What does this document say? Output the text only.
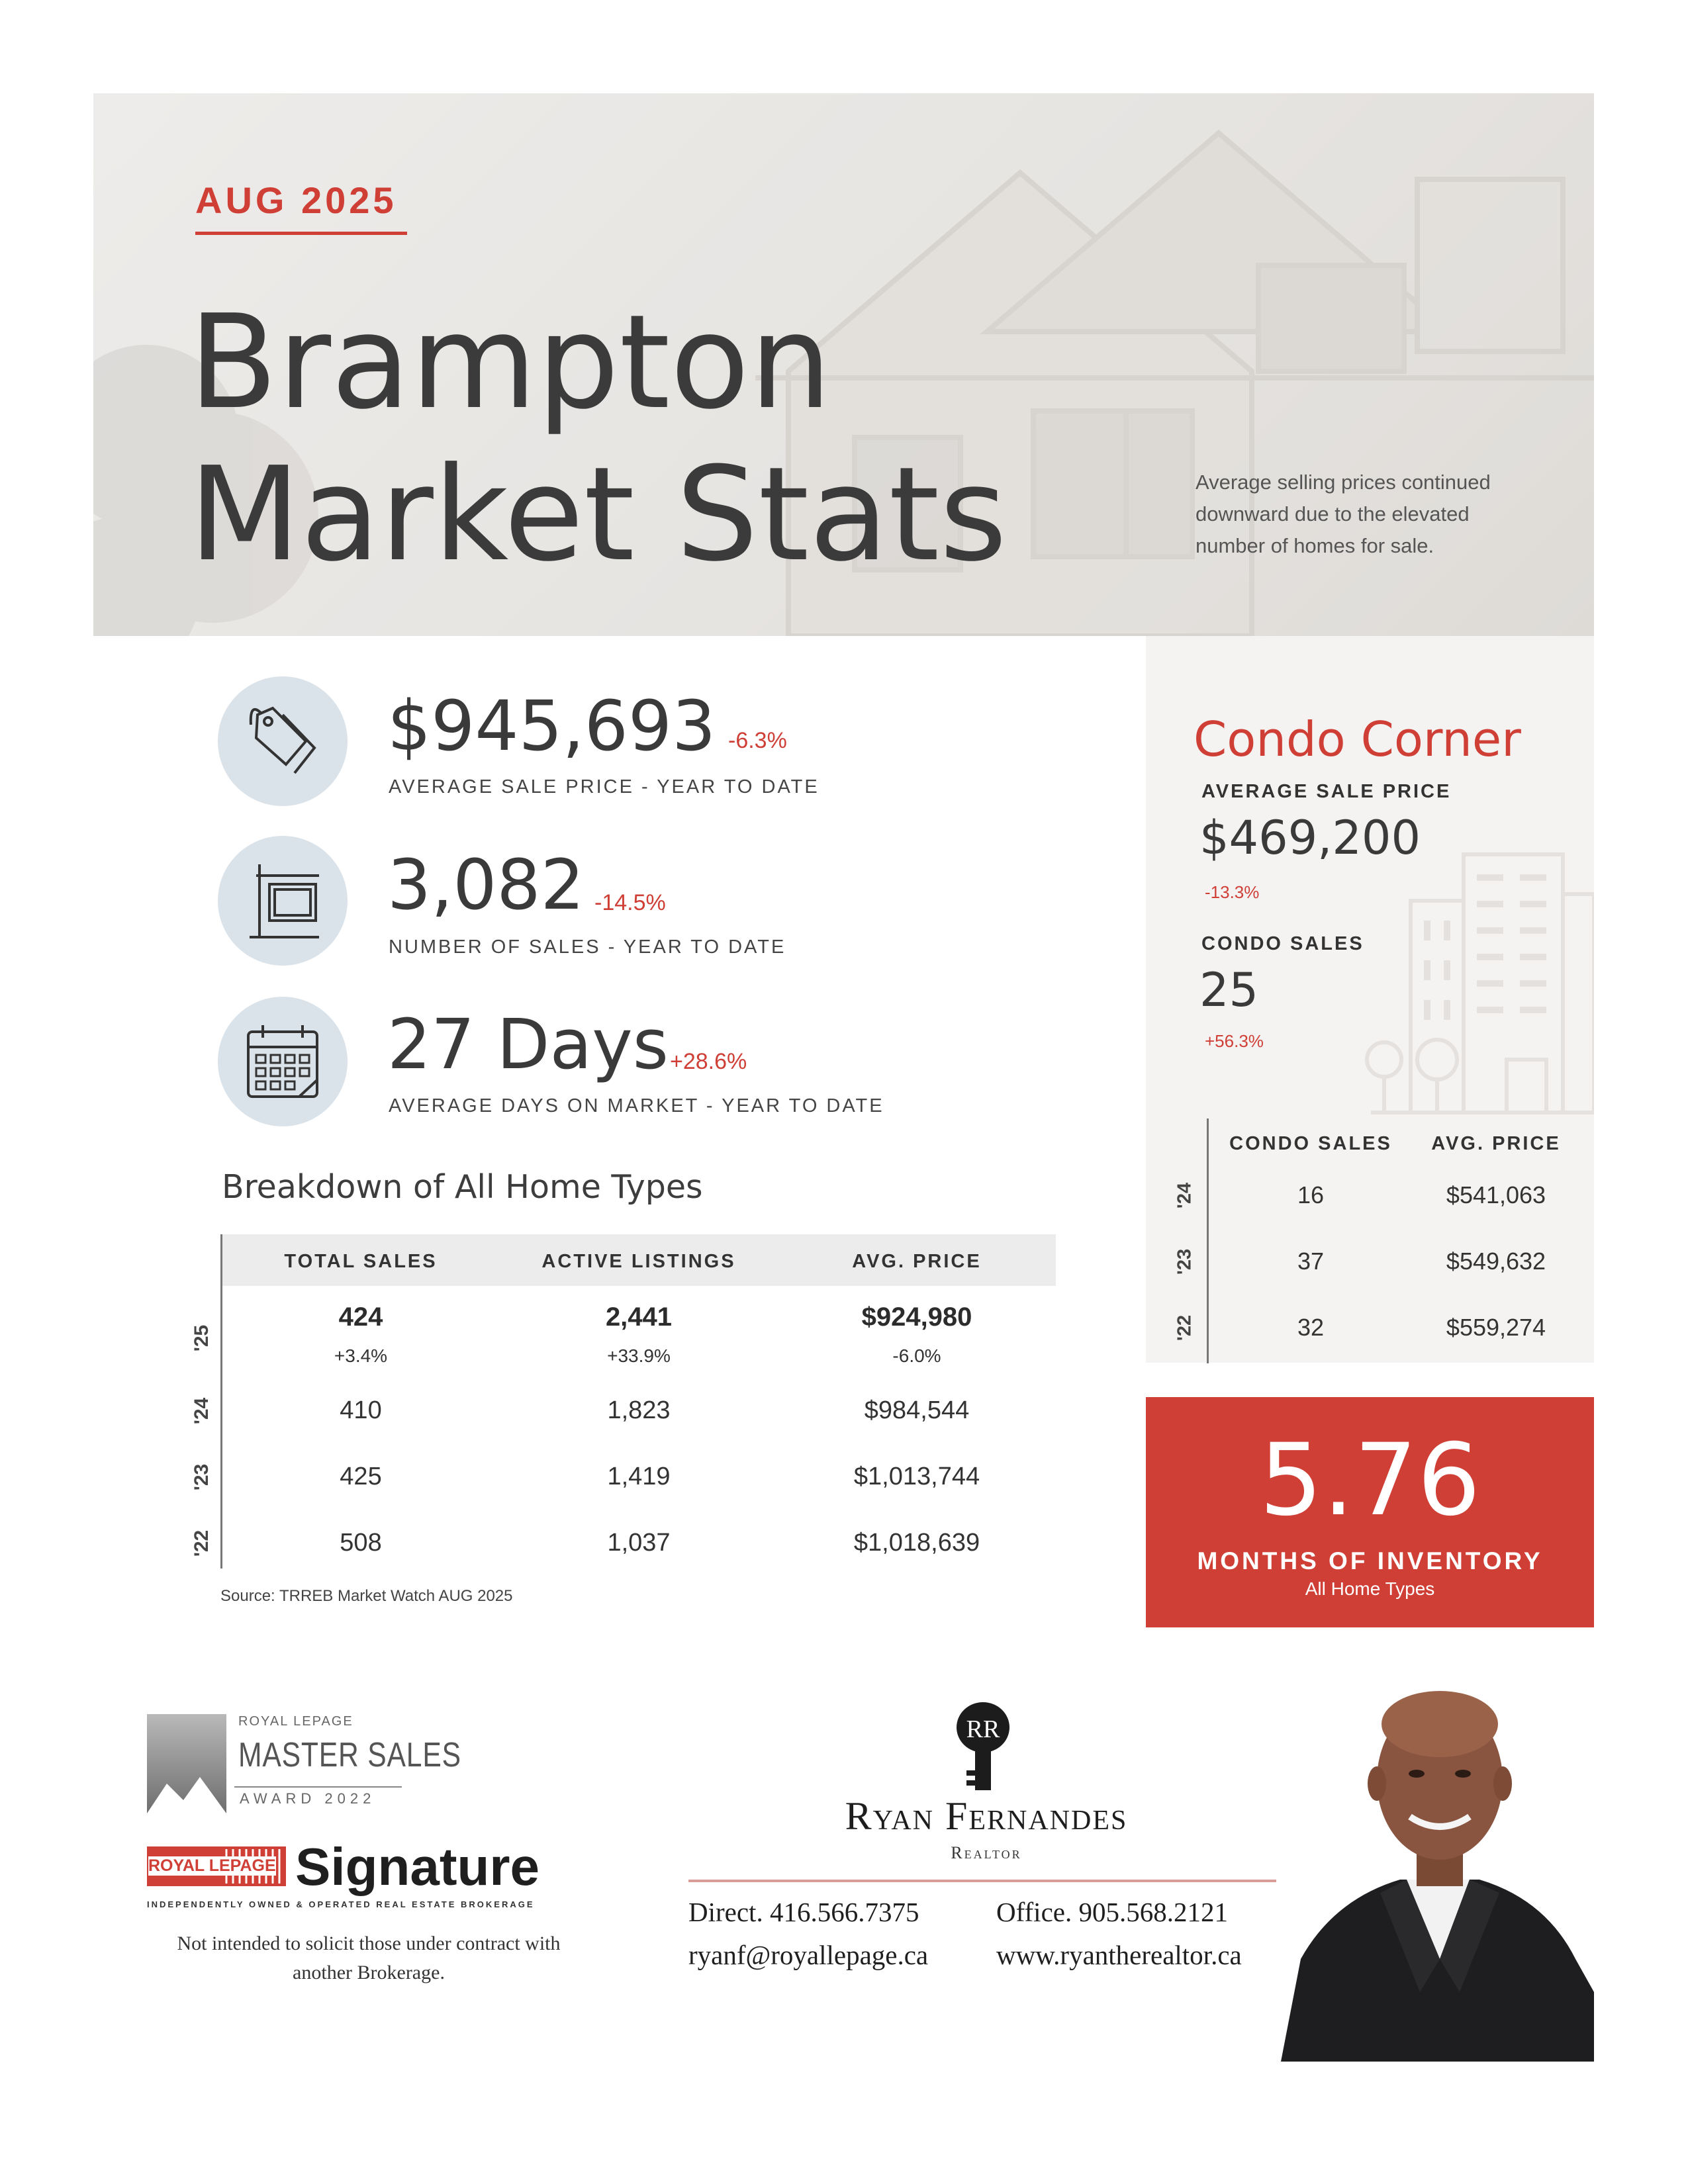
AUG 2025
Brampton
Market Stats	Average selling prices continued downward due to the elevated number of homes for sale.
$945,693 -6.3%
AVERAGE SALE PRICE - YEAR TO DATE
3,082 -14.5%
NUMBER OF SALES - YEAR TO DATE
27 Days +28.6%
AVERAGE DAYS ON MARKET - YEAR TO DATE
Breakdown of All Home Types
TOTAL SALES	ACTIVE LISTINGS	AVG. PRICE
'25
424	2,441	$924,980
+3.4%	+33.9%	-6.0%
'24	410	1,823	$984,544
'23	425	1,419	$1,013,744
'22	508	1,037	$1,018,639
Source: TRREB Market Watch AUG 2025
Condo Corner
AVERAGE SALE PRICE
$469,200
-13.3%
CONDO SALES
25
+56.3%
CONDO SALES	AVG. PRICE
'24	16	$541,063
'23	37	$549,632
'22	32	$559,274
5.76
MONTHS OF INVENTORY
All Home Types
ROYAL LEPAGE
MASTER SALES
AWARD 2022
ROYAL LEPAGE Signature
INDEPENDENTLY OWNED & OPERATED REAL ESTATE BROKERAGE
Not intended to solicit those under contract with another Brokerage.
RR
Ryan Fernandes
Realtor
Direct. 416.566.7375	Office. 905.568.2121
ryanf@royallepage.ca	www.ryantherealtor.ca
